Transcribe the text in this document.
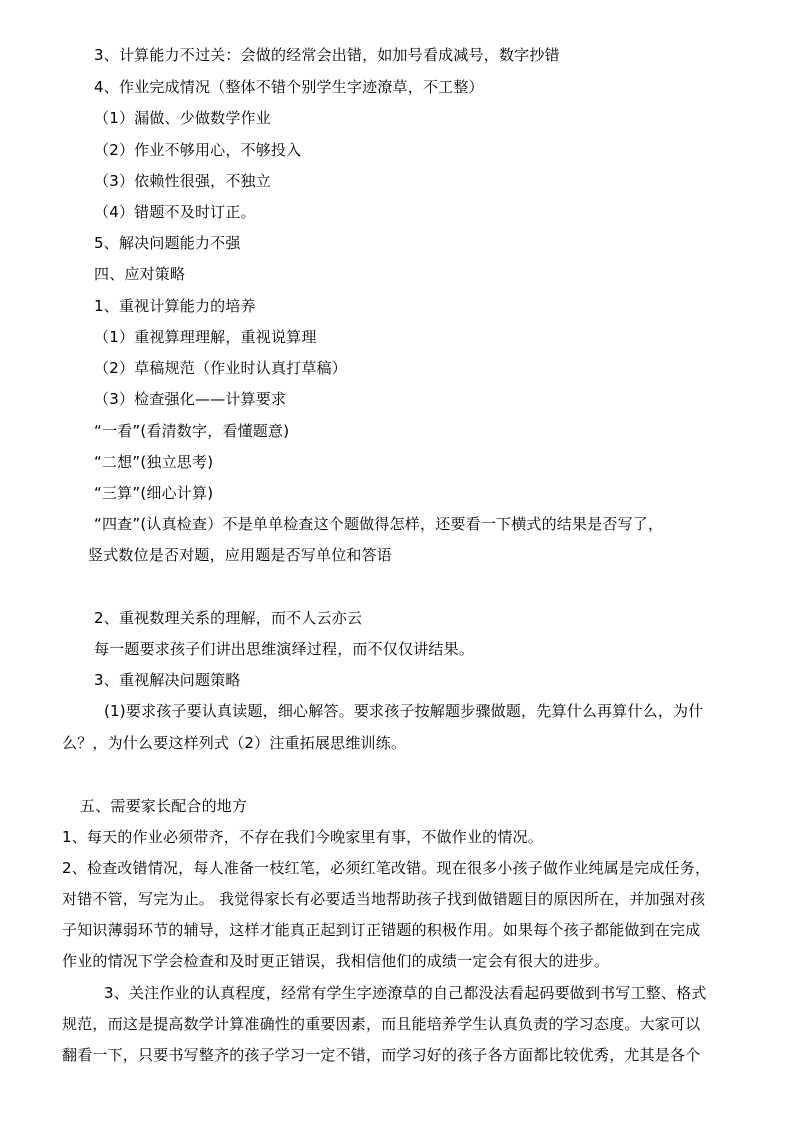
3、计算能力不过关：会做的经常会出错，如加号看成减号，数字抄错

4、作业完成情况（整体不错个别学生字迹潦草，不工整）

（1）漏做、少做数学作业

（2）作业不够用心，不够投入

（3）依赖性很强，不独立

（4）错题不及时订正。

5、解决问题能力不强

四、应对策略

1、重视计算能力的培养

（1）重视算理理解，重视说算理

（2）草稿规范（作业时认真打草稿）

（3）检查强化——计算要求

“一看”(看清数字，看懂题意)

“二想”(独立思考)

“三算”(细心计算)

“四查”(认真检查）不是单单检查这个题做得怎样，还要看一下横式的结果是否写了，

竖式数位是否对题，应用题是否写单位和答语

2、重视数理关系的理解，而不人云亦云

每一题要求孩子们讲出思维演绎过程，而不仅仅讲结果。

3、重视解决问题策略

(1)要求孩子要认真读题，细心解答。要求孩子按解题步骤做题，先算什么再算什么，为什

么？，为什么要这样列式（2）注重拓展思维训练。

五、需要家长配合的地方

1、每天的作业必须带齐，不存在我们今晚家里有事，不做作业的情况。

2、检查改错情况，每人准备一枝红笔，必须红笔改错。现在很多小孩子做作业纯属是完成任务，

对错不管，写完为止。 我觉得家长有必要适当地帮助孩子找到做错题目的原因所在，并加强对孩

子知识薄弱环节的辅导，这样才能真正起到订正错题的积极作用。如果每个孩子都能做到在完成

作业的情况下学会检查和及时更正错误，我相信他们的成绩一定会有很大的进步。

3、关注作业的认真程度，经常有学生字迹潦草的自己都没法看起码要做到书写工整、格式

规范，而这是提高数学计算准确性的重要因素，而且能培养学生认真负责的学习态度。大家可以

翻看一下，只要书写整齐的孩子学习一定不错，而学习好的孩子各方面都比较优秀，尤其是各个
